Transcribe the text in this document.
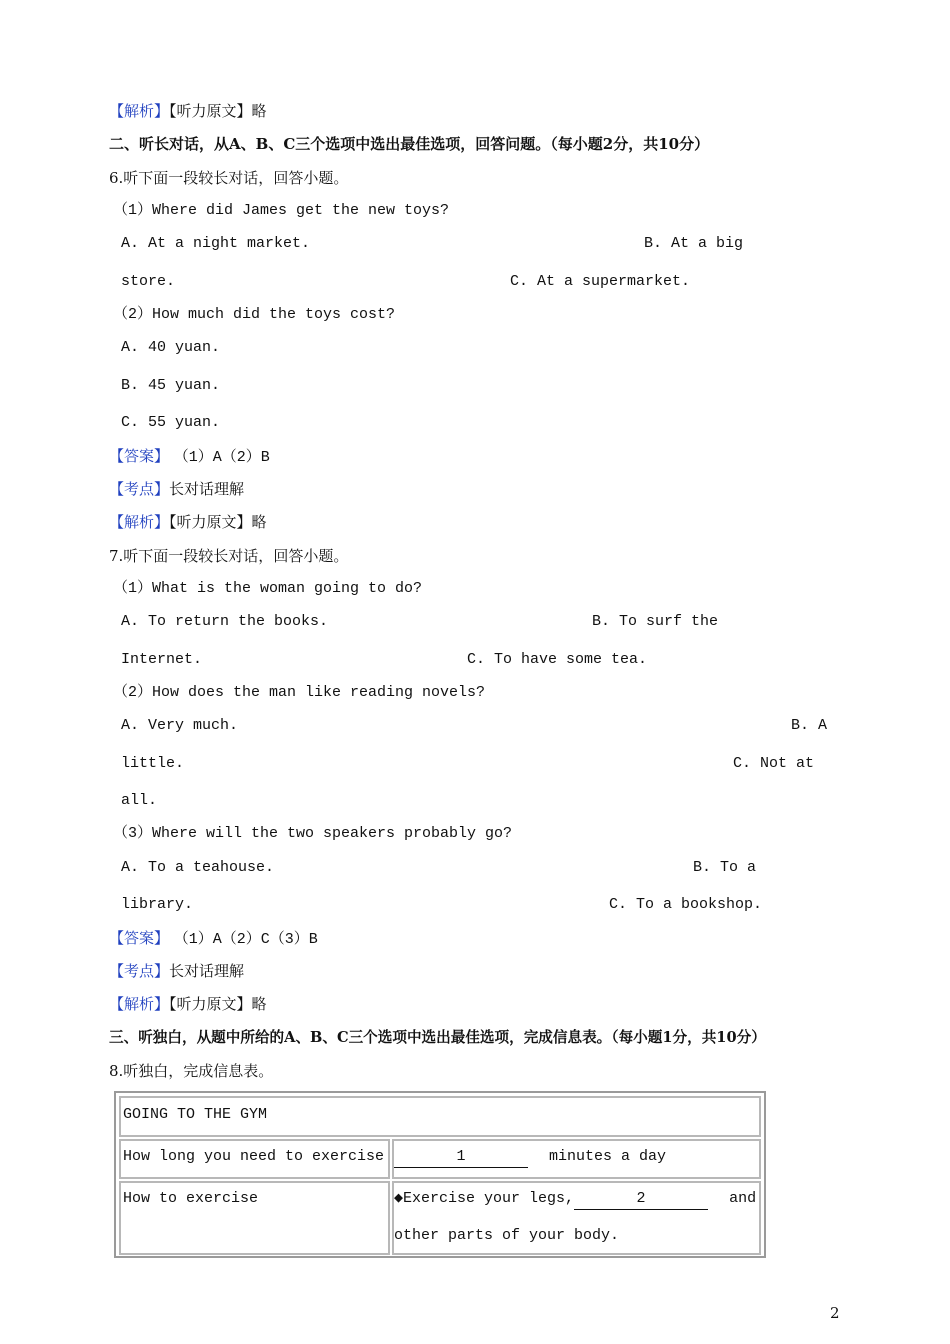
【解析】【听力原文】略
二、听长对话，从A、B、C三个选项中选出最佳选项，回答问题。（每小题2分，共10分）
6.听下面一段较长对话，回答小题。
（1）Where did James get the new toys?
A. At a night market.	B. At a big
store.	C. At a supermarket.
（2）How much did the toys cost?
A. 40 yuan.
B. 45 yuan.
C. 55 yuan.
【答案】 （1）A（2）B
【考点】长对话理解
【解析】【听力原文】略
7.听下面一段较长对话，回答小题。
（1）What is the woman going to do?
A. To return the books.	B. To surf the
Internet.	C. To have some tea.
（2）How does the man like reading novels?
A. Very much.	B. A
little.	C. Not at
all.
（3）Where will the two speakers probably go?
A. To a teahouse.	B. To a
library.	C. To a bookshop.
【答案】 （1）A（2）C（3）B
【考点】长对话理解
【解析】【听力原文】略
三、听独白，从题中所给的A、B、C三个选项中选出最佳选项，完成信息表。（每小题1分，共10分）
8.听独白，完成信息表。
GOING TO THE GYM
How long you need to exercise	1	minutes a day
How to exercise	◆Exercise your legs,	2	and
other parts of your body.
2
